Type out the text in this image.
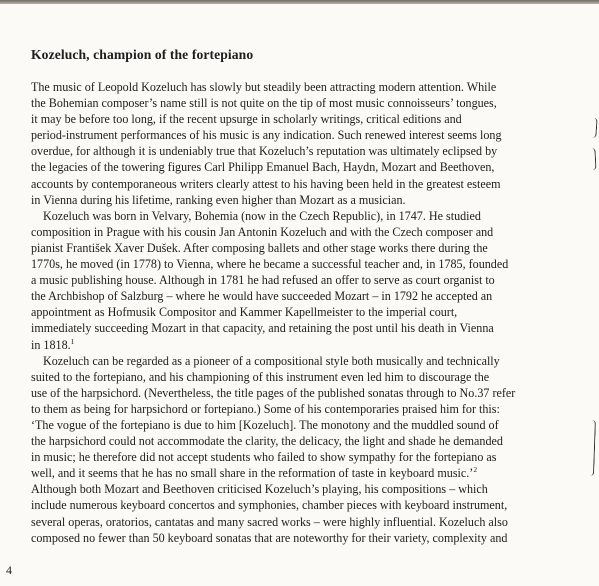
Kozeluch, champion of the fortepiano

The music of Leopold Kozeluch has slowly but steadily been attracting modern attention. While
the Bohemian composer’s name still is not quite on the tip of most music connoisseurs’ tongues,
it may be before too long, if the recent upsurge in scholarly writings, critical editions and
period-instrument performances of his music is any indication. Such renewed interest seems long
overdue, for although it is undeniably true that Kozeluch’s reputation was ultimately eclipsed by
the legacies of the towering figures Carl Philipp Emanuel Bach, Haydn, Mozart and Beethoven,
accounts by contemporaneous writers clearly attest to his having been held in the greatest esteem
in Vienna during his lifetime, ranking even higher than Mozart as a musician.

Kozeluch was born in Velvary, Bohemia (now in the Czech Republic), in 1747. He studied
composition in Prague with his cousin Jan Antonin Kozeluch and with the Czech composer and
pianist František Xaver Dušek. After composing ballets and other stage works there during the
1770s, he moved (in 1778) to Vienna, where he became a successful teacher and, in 1785, founded
a music publishing house. Although in 1781 he had refused an offer to serve as court organist to
the Archbishop of Salzburg – where he would have succeeded Mozart – in 1792 he accepted an
appointment as Hofmusik Compositor and Kammer Kapellmeister to the imperial court,
immediately succeeding Mozart in that capacity, and retaining the post until his death in Vienna
in 1818.$^1$

Kozeluch can be regarded as a pioneer of a compositional style both musically and technically
suited to the fortepiano, and his championing of this instrument even led him to discourage the
use of the harpsichord. (Nevertheless, the title pages of the published sonatas through to No.37 refer
to them as being for harpsichord or fortepiano.) Some of his contemporaries praised him for this:
‘The vogue of the fortepiano is due to him [Kozeluch]. The monotony and the muddled sound of
the harpsichord could not accommodate the clarity, the delicacy, the light and shade he demanded
in music; he therefore did not accept students who failed to show sympathy for the fortepiano as
well, and it seems that he has no small share in the reformation of taste in keyboard music.’$^2$

Although both Mozart and Beethoven criticised Kozeluch’s playing, his compositions – which
include numerous keyboard concertos and symphonies, chamber pieces with keyboard instrument,
several operas, oratorios, cantatas and many sacred works – were highly influential. Kozeluch also
composed no fewer than 50 keyboard sonatas that are noteworthy for their variety, complexity and

4
